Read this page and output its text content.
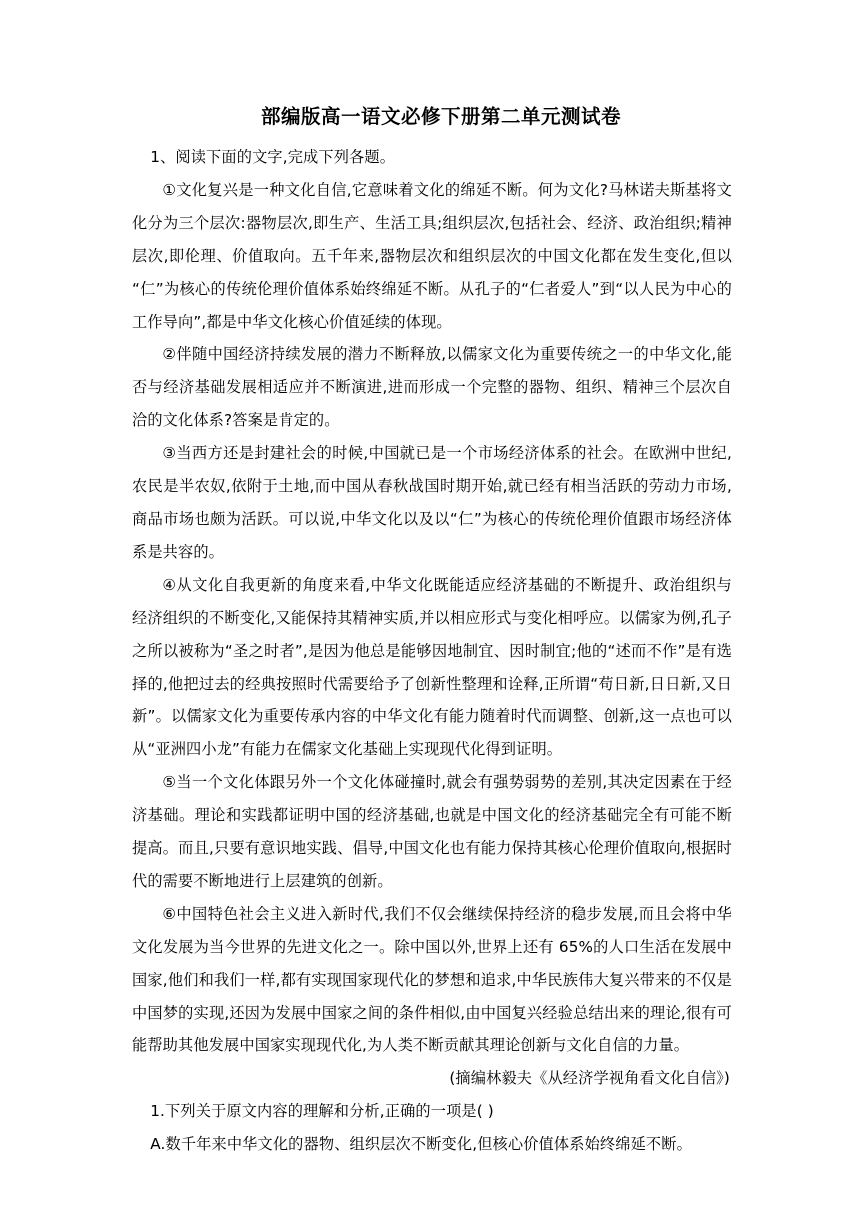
部编版高一语文必修下册第二单元测试卷

1、阅读下面的文字,完成下列各题。

①文化复兴是一种文化自信,它意味着文化的绵延不断。何为文化?马林诺夫斯基将文化分为三个层次:器物层次,即生产、生活工具;组织层次,包括社会、经济、政治组织;精神层次,即伦理、价值取向。五千年来,器物层次和组织层次的中国文化都在发生变化,但以 “仁”为核心的传统伦理价值体系始终绵延不断。从孔子的“仁者爱人”到“以人民为中心的工作导向”,都是中华文化核心价值延续的体现。

②伴随中国经济持续发展的潜力不断释放,以儒家文化为重要传统之一的中华文化,能否与经济基础发展相适应并不断演进,进而形成一个完整的器物、组织、精神三个层次自洽的文化体系?答案是肯定的。

③当西方还是封建社会的时候,中国就已是一个市场经济体系的社会。在欧洲中世纪,农民是半农奴,依附于土地,而中国从春秋战国时期开始,就已经有相当活跃的劳动力市场,商品市场也颇为活跃。可以说,中华文化以及以“仁”为核心的传统伦理价值跟市场经济体系是共容的。

④从文化自我更新的角度来看,中华文化既能适应经济基础的不断提升、政治组织与经济组织的不断变化,又能保持其精神实质,并以相应形式与变化相呼应。以儒家为例,孔子之所以被称为“圣之时者”,是因为他总是能够因地制宜、因时制宜;他的“述而不作”是有选择的,他把过去的经典按照时代需要给予了创新性整理和诠释,正所谓“苟日新,日日新,又日新”。以儒家文化为重要传承内容的中华文化有能力随着时代而调整、创新,这一点也可以从“亚洲四小龙”有能力在儒家文化基础上实现现代化得到证明。

⑤当一个文化体跟另外一个文化体碰撞时,就会有强势弱势的差别,其决定因素在于经济基础。理论和实践都证明中国的经济基础,也就是中国文化的经济基础完全有可能不断提高。而且,只要有意识地实践、倡导,中国文化也有能力保持其核心伦理价值取向,根据时代的需要不断地进行上层建筑的创新。

⑥中国特色社会主义进入新时代,我们不仅会继续保持经济的稳步发展,而且会将中华文化发展为当今世界的先进文化之一。除中国以外,世界上还有 65%的人口生活在发展中国家,他们和我们一样,都有实现国家现代化的梦想和追求,中华民族伟大复兴带来的不仅是中国梦的实现,还因为发展中国家之间的条件相似,由中国复兴经验总结出来的理论,很有可能帮助其他发展中国家实现现代化,为人类不断贡献其理论创新与文化自信的力量。

(摘编林毅夫《从经济学视角看文化自信》)

1.下列关于原文内容的理解和分析,正确的一项是( )

A.数千年来中华文化的器物、组织层次不断变化,但核心价值体系始终绵延不断。
